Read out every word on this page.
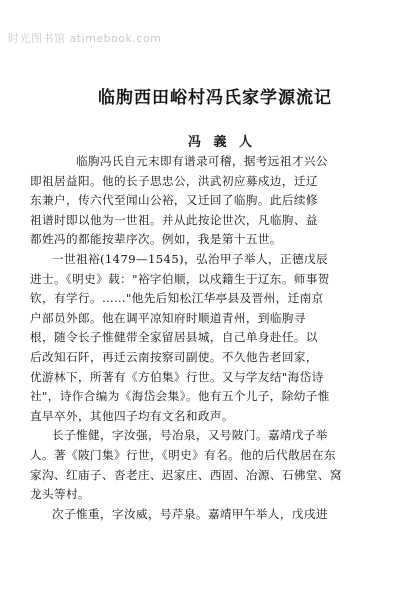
时光图书馆 atimebook.com
临朐西田峪村冯氏家学源流记
冯 義 人
临朐冯氏自元末即有谱录可稽，据考远祖才兴公
即祖居益阳。他的长子思忠公，洪武初应募戍边，迁辽
东兼户，传六代至闻山公裕，又迁回了临朐。此后续修
祖谱时即以他为一世祖。并从此按论世次，凡临朐、益
都姓冯的都能按辈序次。例如，我是第十五世。
一世祖裕(1479—1545)，弘治甲子举人，正德戊辰
进士。《明史》载："裕字伯顺，以戍籍生于辽东。师事贺
钦，有学行。……"他先后知松江华亭县及晋州，迁南京
户部员外郎。他在调平凉知府时顺道青州，到临朐寻
根，随令长子惟健带全家留居县城，自己单身赴任。以
后改知石阡，再迁云南按察司副使。不久他告老回家，
优游林下，所著有《方伯集》行世。又与学友结"海岱诗
社"，诗作合编为《海岱会集》。他有五个儿子，除幼子惟
直早卒外，其他四子均有文名和政声。
长子惟健，字汝强，号冶泉，又号陂门。嘉靖戊子举
人。著《陂门集》行世，《明史》有名。他的后代散居在东
家沟、红庙子、沓老庄、迟家庄、西固、冶源、石佛堂、窝
龙头等村。
次子惟重，字汝威，号芹泉。嘉靖甲午举人，戊戌进
